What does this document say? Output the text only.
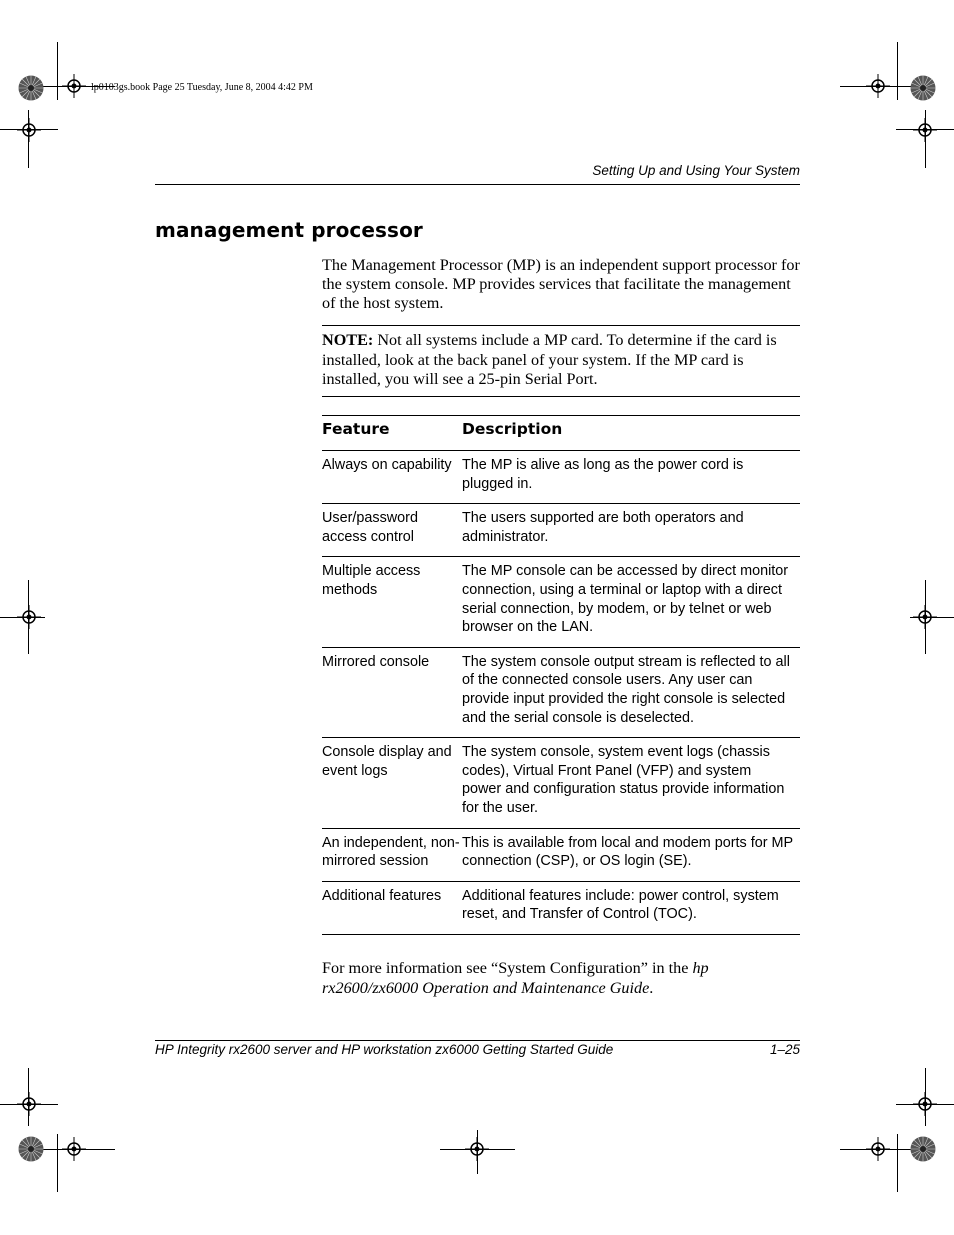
lp0103gs.book Page 25 Tuesday, June 8, 2004 4:42 PM
Setting Up and Using Your System
management processor

The Management Processor (MP) is an independent support processor for the system console. MP provides services that facilitate the management of the host system.

NOTE: Not all systems include a MP card. To determine if the card is installed, look at the back panel of your system. If the MP card is installed, you will see a 25-pin Serial Port.

Feature	Description
Always on capability	The MP is alive as long as the power cord is plugged in.
User/password access control	The users supported are both operators and administrator.
Multiple access methods	The MP console can be accessed by direct monitor connection, using a terminal or laptop with a direct serial connection, by modem, or by telnet or web browser on the LAN.
Mirrored console	The system console output stream is reflected to all of the connected console users. Any user can provide input provided the right console is selected and the serial console is deselected.
Console display and event logs	The system console, system event logs (chassis codes), Virtual Front Panel (VFP) and system power and configuration status provide information for the user.
An independent, non-mirrored session	This is available from local and modem ports for MP connection (CSP), or OS login (SE).
Additional features	Additional features include: power control, system reset, and Transfer of Control (TOC).

For more information see “System Configuration” in the hp rx2600/zx6000 Operation and Maintenance Guide.

HP Integrity rx2600 server and HP workstation zx6000 Getting Started Guide	1–25
